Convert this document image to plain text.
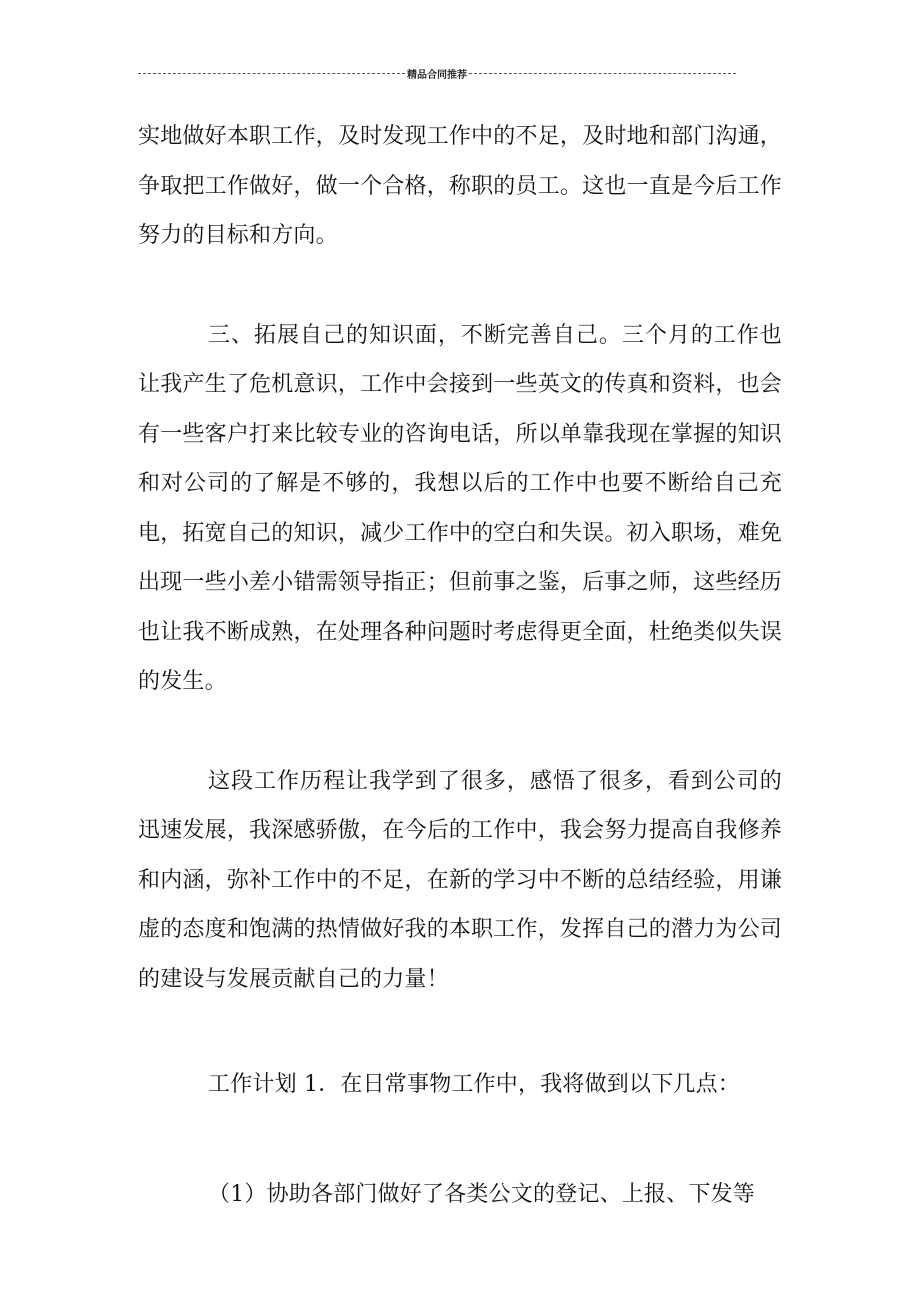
精品合同推荐

实地做好本职工作，及时发现工作中的不足，及时地和部门沟通，争取把工作做好，做一个合格，称职的员工。这也一直是今后工作努力的目标和方向。

三、拓展自己的知识面，不断完善自己。三个月的工作也让我产生了危机意识，工作中会接到一些英文的传真和资料，也会有一些客户打来比较专业的咨询电话，所以单靠我现在掌握的知识和对公司的了解是不够的，我想以后的工作中也要不断给自己充电，拓宽自己的知识，减少工作中的空白和失误。初入职场，难免出现一些小差小错需领导指正；但前事之鉴，后事之师，这些经历也让我不断成熟，在处理各种问题时考虑得更全面，杜绝类似失误的发生。

这段工作历程让我学到了很多，感悟了很多，看到公司的迅速发展，我深感骄傲，在今后的工作中，我会努力提高自我修养和内涵，弥补工作中的不足，在新的学习中不断的总结经验，用谦虚的态度和饱满的热情做好我的本职工作，发挥自己的潜力为公司的建设与发展贡献自己的力量！

工作计划 1．在日常事物工作中，我将做到以下几点：

（1）协助各部门做好了各类公文的登记、上报、下发等
